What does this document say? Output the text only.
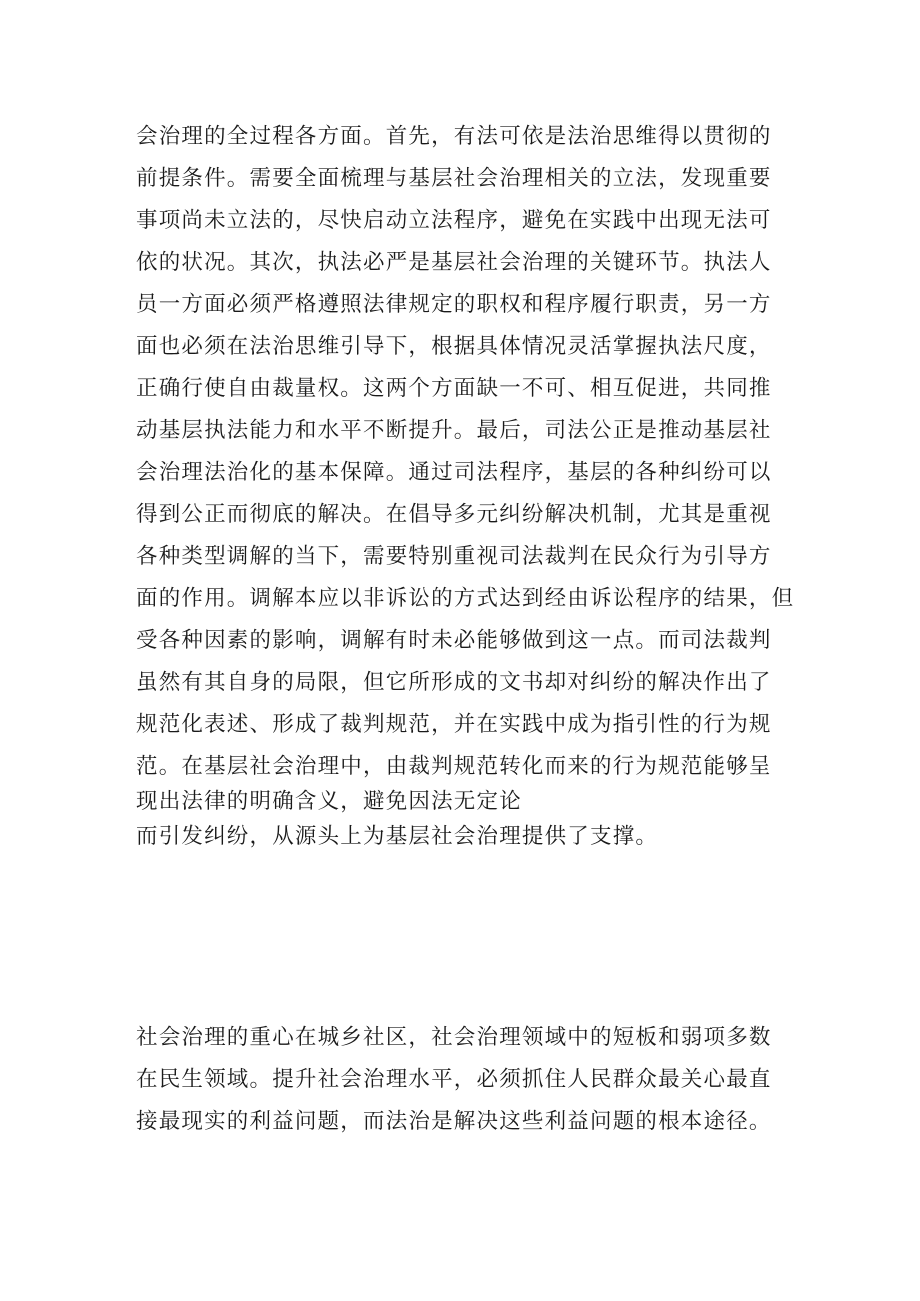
会治理的全过程各方面。首先，有法可依是法治思维得以贯彻的
前提条件。需要全面梳理与基层社会治理相关的立法，发现重要
事项尚未立法的，尽快启动立法程序，避免在实践中出现无法可
依的状况。其次，执法必严是基层社会治理的关键环节。执法人
员一方面必须严格遵照法律规定的职权和程序履行职责，另一方
面也必须在法治思维引导下，根据具体情况灵活掌握执法尺度，
正确行使自由裁量权。这两个方面缺一不可、相互促进，共同推
动基层执法能力和水平不断提升。最后，司法公正是推动基层社
会治理法治化的基本保障。通过司法程序，基层的各种纠纷可以
得到公正而彻底的解决。在倡导多元纠纷解决机制，尤其是重视
各种类型调解的当下，需要特别重视司法裁判在民众行为引导方
面的作用。调解本应以非诉讼的方式达到经由诉讼程序的结果，但
受各种因素的影响，调解有时未必能够做到这一点。而司法裁判
虽然有其自身的局限，但它所形成的文书却对纠纷的解决作出了
规范化表述、形成了裁判规范，并在实践中成为指引性的行为规
范。在基层社会治理中，由裁判规范转化而来的行为规范能够呈
现出法律的明确含义，避免因法无定论
而引发纠纷，从源头上为基层社会治理提供了支撑。
社会治理的重心在城乡社区，社会治理领域中的短板和弱项多数
在民生领域。提升社会治理水平，必须抓住人民群众最关心最直
接最现实的利益问题，而法治是解决这些利益问题的根本途径。
